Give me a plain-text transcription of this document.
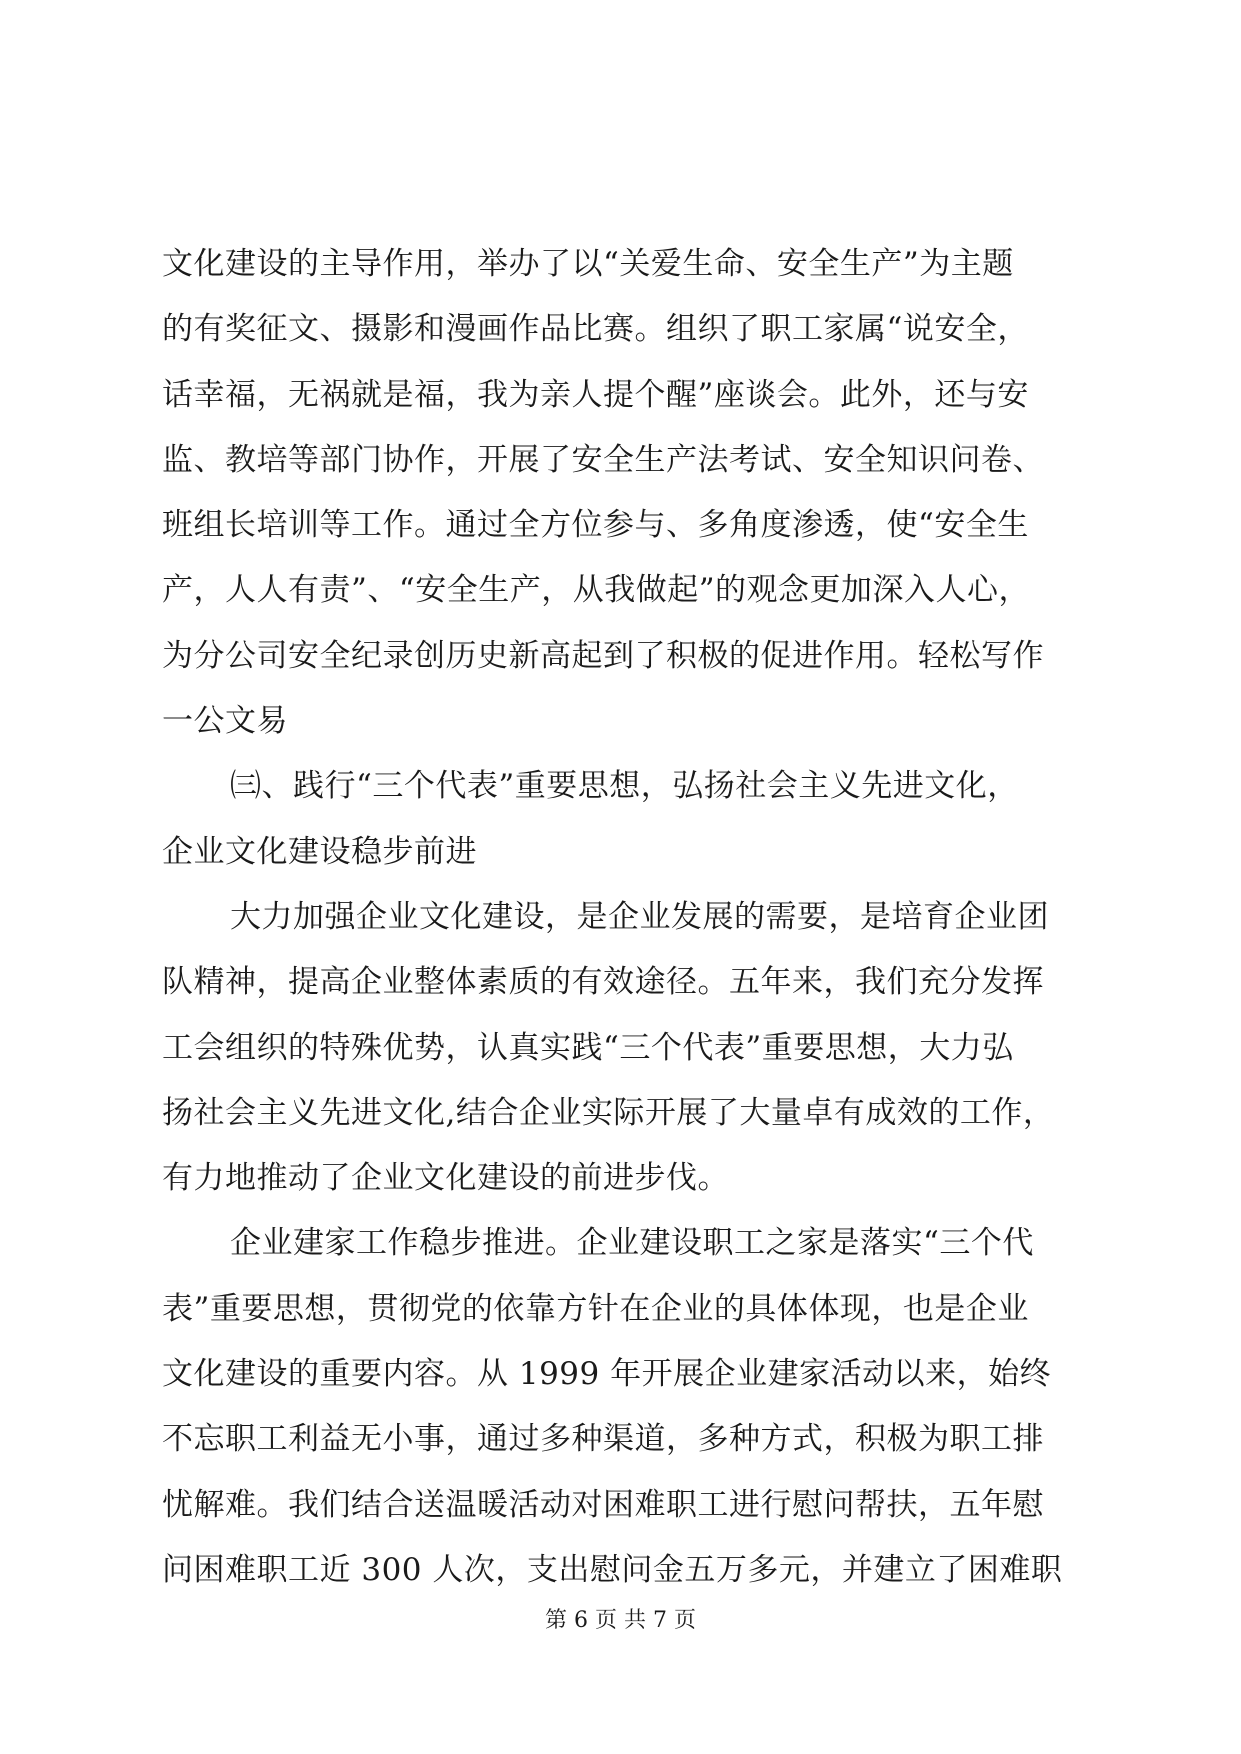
文化建设的主导作用，举办了以“关爱生命、安全生产”为主题
的有奖征文、摄影和漫画作品比赛。组织了职工家属“说安全，
话幸福，无祸就是福，我为亲人提个醒”座谈会。此外，还与安
监、教培等部门协作，开展了安全生产法考试、安全知识问卷、
班组长培训等工作。通过全方位参与、多角度渗透，使“安全生
产，人人有责”、“安全生产，从我做起”的观念更加深入人心，
为分公司安全纪录创历史新高起到了积极的促进作用。轻松写作
一公文易
㈢、践行“三个代表”重要思想，弘扬社会主义先进文化，
企业文化建设稳步前进
大力加强企业文化建设，是企业发展的需要，是培育企业团
队精神，提高企业整体素质的有效途径。五年来，我们充分发挥
工会组织的特殊优势，认真实践“三个代表”重要思想，大力弘
扬社会主义先进文化,结合企业实际开展了大量卓有成效的工作，
有力地推动了企业文化建设的前进步伐。
企业建家工作稳步推进。企业建设职工之家是落实“三个代
表”重要思想，贯彻党的依靠方针在企业的具体体现，也是企业
文化建设的重要内容。从 1999 年开展企业建家活动以来，始终
不忘职工利益无小事，通过多种渠道，多种方式，积极为职工排
忧解难。我们结合送温暖活动对困难职工进行慰问帮扶，五年慰
问困难职工近 300 人次，支出慰问金五万多元，并建立了困难职
第 6 页 共 7 页
